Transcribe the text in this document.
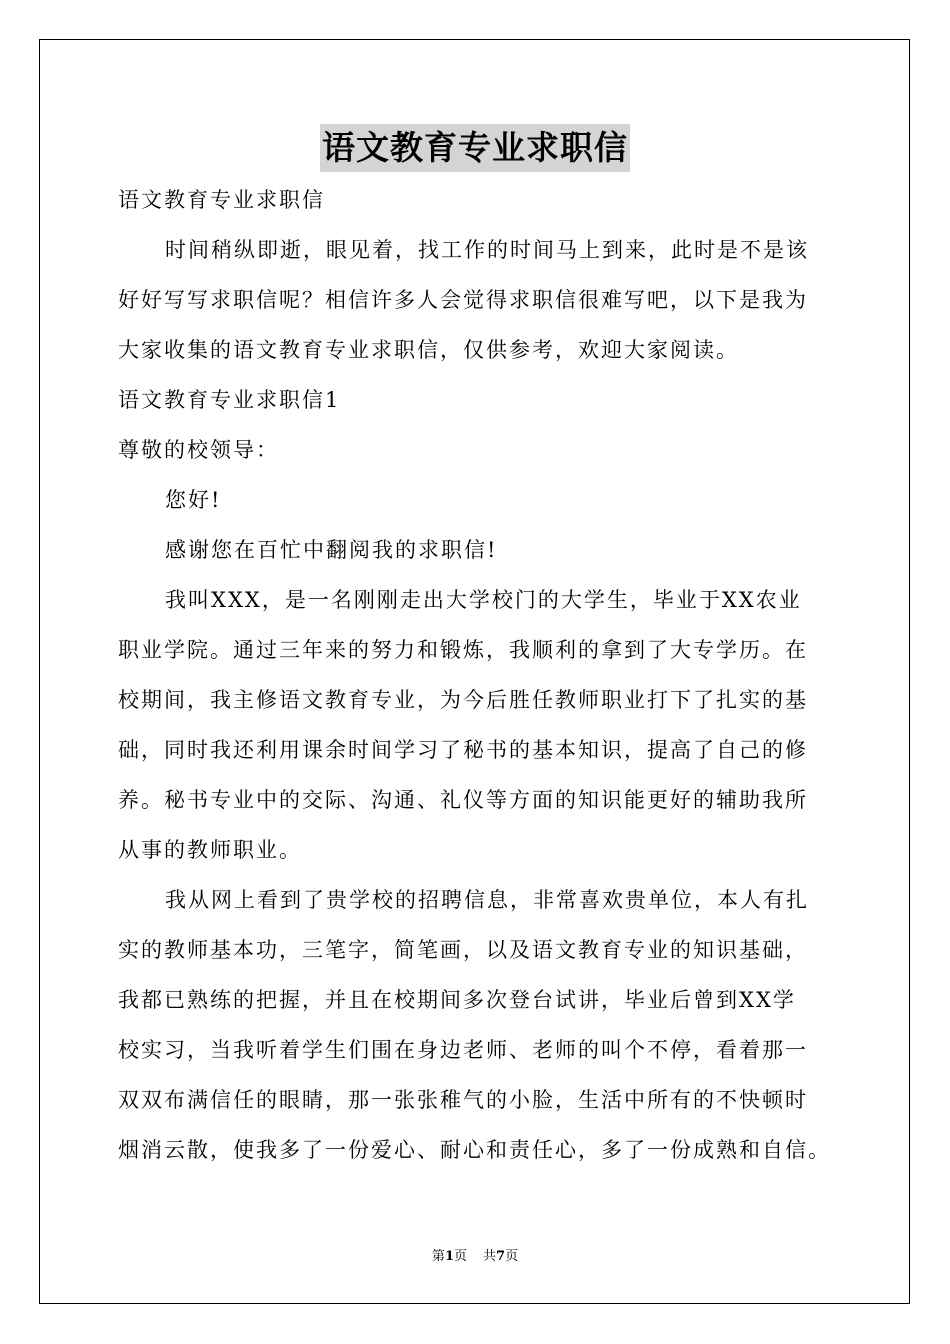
语文教育专业求职信

语文教育专业求职信

时间稍纵即逝，眼见着，找工作的时间马上到来，此时是不是该

好好写写求职信呢？相信许多人会觉得求职信很难写吧，以下是我为

大家收集的语文教育专业求职信，仅供参考，欢迎大家阅读。

语文教育专业求职信1

尊敬的校领导：

您好!

感谢您在百忙中翻阅我的求职信!

我叫XXX，是一名刚刚走出大学校门的大学生，毕业于XX农业

职业学院。通过三年来的努力和锻炼，我顺利的拿到了大专学历。在

校期间，我主修语文教育专业，为今后胜任教师职业打下了扎实的基

础，同时我还利用课余时间学习了秘书的基本知识，提高了自己的修

养。秘书专业中的交际、沟通、礼仪等方面的知识能更好的辅助我所

从事的教师职业。

我从网上看到了贵学校的招聘信息，非常喜欢贵单位，本人有扎

实的教师基本功，三笔字，简笔画，以及语文教育专业的知识基础，

我都已熟练的把握，并且在校期间多次登台试讲，毕业后曾到XX学

校实习，当我听着学生们围在身边老师、老师的叫个不停，看着那一

双双布满信任的眼睛，那一张张稚气的小脸，生活中所有的不快顿时

烟消云散，使我多了一份爱心、耐心和责任心，多了一份成熟和自信。

第1页 共7页
